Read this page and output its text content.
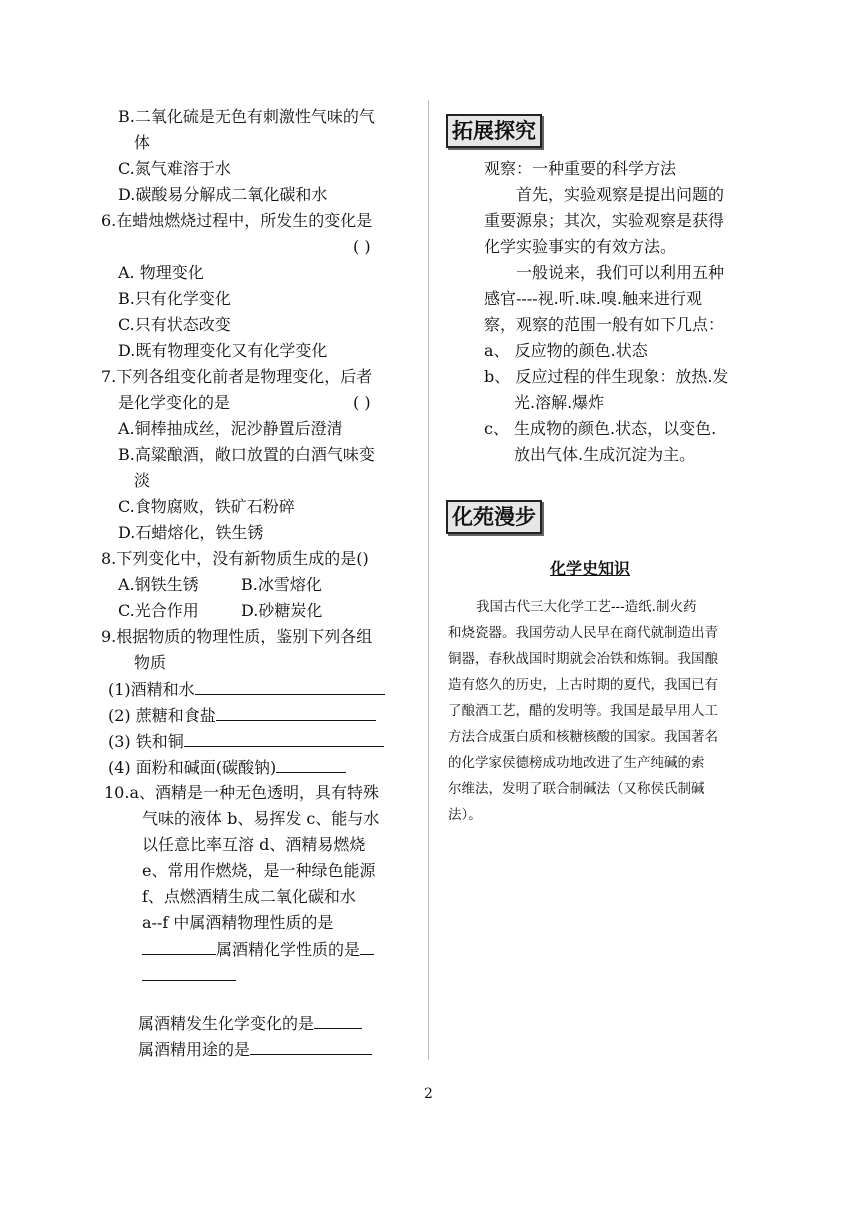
B.二氧化硫是无色有刺激性气味的气
体
C.氮气难溶于水
D.碳酸易分解成二氧化碳和水
6.在蜡烛燃烧过程中，所发生的变化是
( )
A. 物理变化
B.只有化学变化
C.只有状态改变
D.既有物理变化又有化学变化
7.下列各组变化前者是物理变化，后者
是化学变化的是	( )
A.铜棒抽成丝，泥沙静置后澄清
B.高粱酿酒，敞口放置的白酒气味变
淡
C.食物腐败，铁矿石粉碎
D.石蜡熔化，铁生锈
8.下列变化中，没有新物质生成的是()
A.钢铁生锈	B.冰雪熔化
C.光合作用	D.砂糖炭化
9.根据物质的物理性质，鉴别下列各组
物质
(1)酒精和水
(2) 蔗糖和食盐
(3) 铁和铜
(4) 面粉和碱面(碳酸钠)
10.a、酒精是一种无色透明，具有特殊
气味的液体 b、易挥发 c、能与水
以任意比率互溶 d、酒精易燃烧
e、常用作燃烧，是一种绿色能源
f、点燃酒精生成二氧化碳和水
a--f 中属酒精物理性质的是
属酒精化学性质的是
属酒精发生化学变化的是
属酒精用途的是
拓展探究
观察：一种重要的科学方法
首先，实验观察是提出问题的
重要源泉；其次，实验观察是获得
化学实验事实的有效方法。
一般说来，我们可以利用五种
感官----视.听.味.嗅.触来进行观
察，观察的范围一般有如下几点：
a、 反应物的颜色.状态
b、 反应过程的伴生现象：放热.发
光.溶解.爆炸
c、 生成物的颜色.状态，以变色.
放出气体.生成沉淀为主。
化苑漫步
化学史知识
我国古代三大化学工艺---造纸.制火药
和烧瓷器。我国劳动人民早在商代就制造出青
铜器，春秋战国时期就会冶铁和炼铜。我国酿
造有悠久的历史，上古时期的夏代，我国已有
了酿酒工艺，醋的发明等。我国是最早用人工
方法合成蛋白质和核糖核酸的国家。我国著名
的化学家侯德榜成功地改进了生产纯碱的索
尔维法，发明了联合制碱法（又称侯氏制碱
法）。
2
